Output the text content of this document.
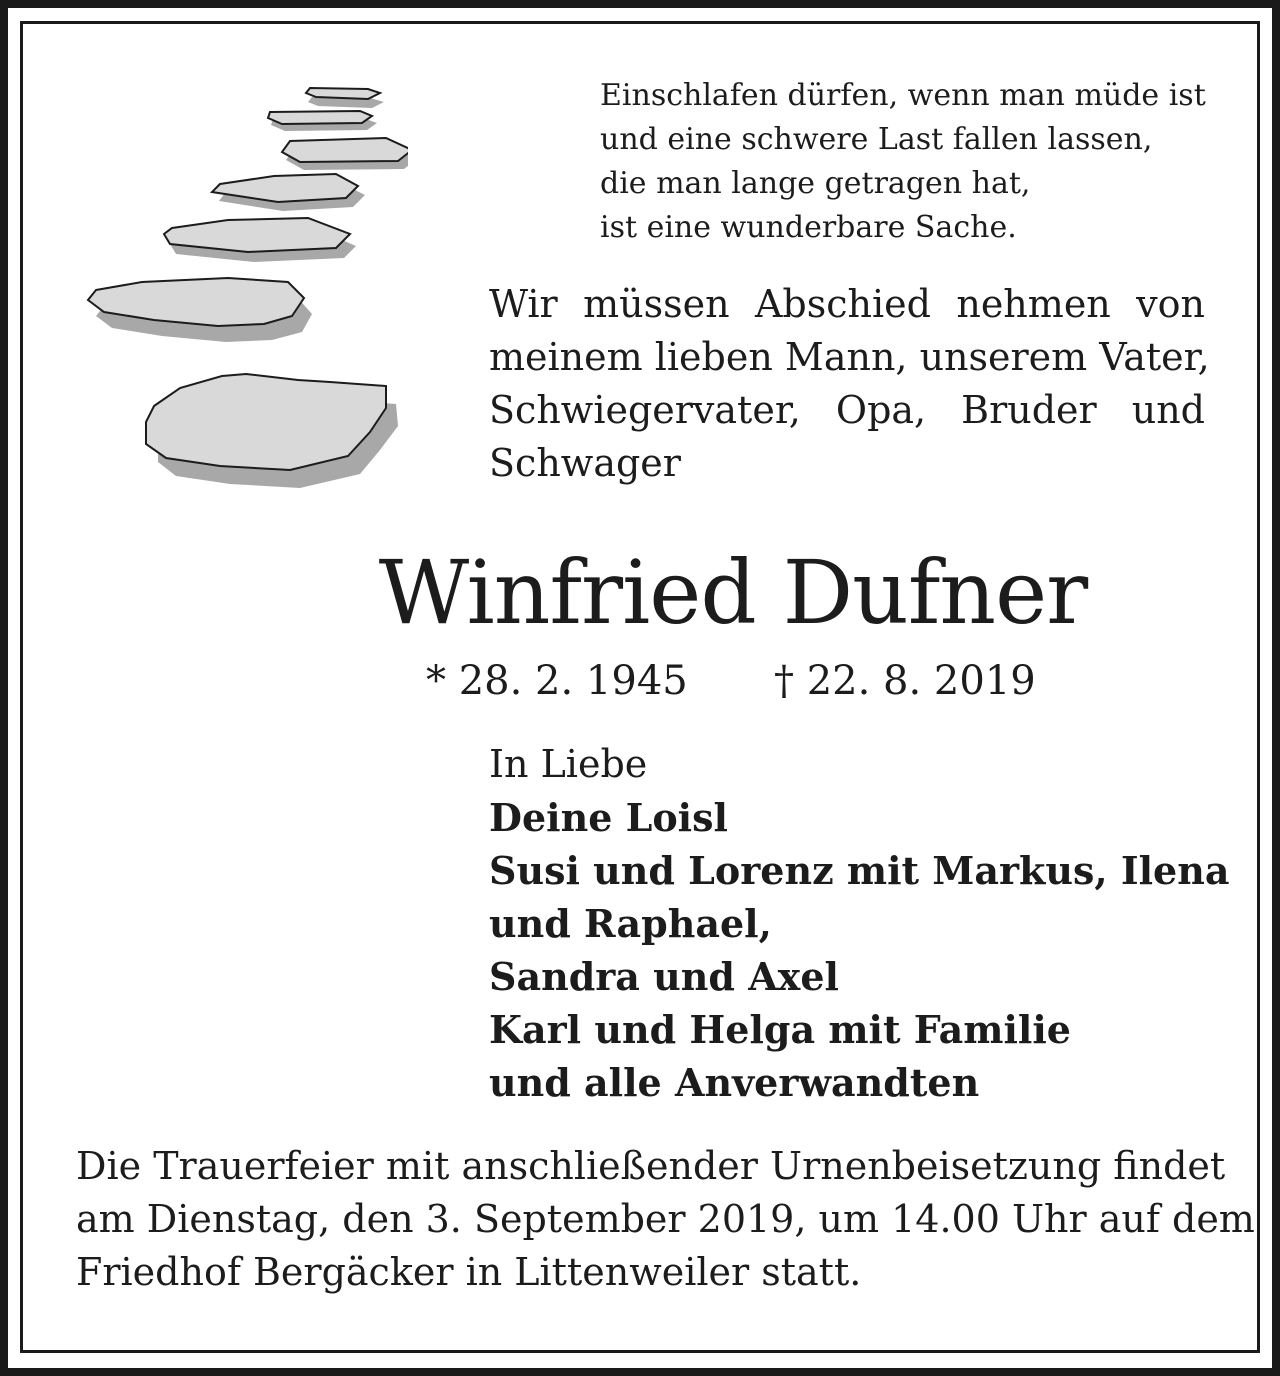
Einschlafen dürfen, wenn man müde ist
und eine schwere Last fallen lassen,
die man lange getragen hat,
ist eine wunderbare Sache.
Wir müssen Abschied nehmen von
meinem lieben Mann, unserem Vater,
Schwiegervater, Opa, Bruder und
Schwager
Winfried Dufner
* 28. 2. 1945 † 22. 8. 2019
In Liebe
Deine Loisl
Susi und Lorenz mit Markus, Ilena
und Raphael,
Sandra und Axel
Karl und Helga mit Familie
und alle Anverwandten
Die Trauerfeier mit anschließender Urnenbeisetzung findet
am Dienstag, den 3. September 2019, um 14.00 Uhr auf dem
Friedhof Bergäcker in Littenweiler statt.
